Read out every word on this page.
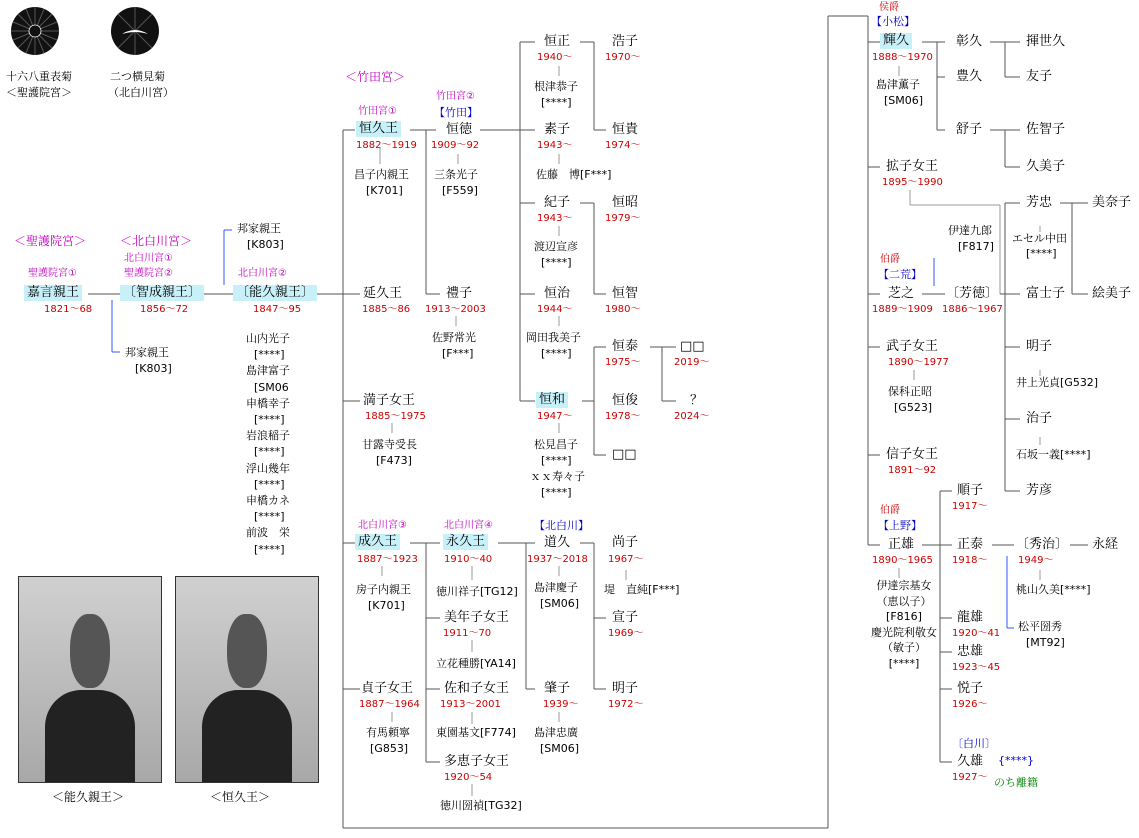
十六八重表菊
＜聖護院宮＞
二つ横見菊
（北白川宮）
＜聖護院宮＞	＜北白川宮＞
＜竹田宮＞
聖護院宮①
嘉言親王
1821～68
北白川宮①
聖護院宮②
〔智成親王〕
1856～72
邦家親王
[K803]
邦家親王
[K803]
北白川宮②
〔能久親王〕
1847～95
山内光子
[****]
島津富子
[SM06
申橋幸子
[****]
岩浪稲子
[****]
浮山幾年
[****]
申橋カネ
[****]
前波　栄
[****]
竹田宮①
恒久王
1882～1919
昌子内親王
[K701]
延久王
1885～86
満子女王
1885～1975
甘露寺受長
[F473]
北白川宮③
成久王
1887～1923
房子内親王
[K701]
貞子女王
1887～1964
有馬頼寧
[G853]
竹田宮②
【竹田】
恒徳
1909～92
三条光子
[F559]
禮子
1913～2003
佐野常光
[F***]
北白川宮④
永久王
1910～40
徳川祥子[TG12]
美年子女王
1911～70
立花種勝[YA14]
佐和子女王
1913～2001
東園基文[F774]
多恵子女王
1920～54
徳川圀禎[TG32]
恒正
1940～
根津恭子
[****]
素子
1943～
佐藤　博[F***]
紀子
1943～
渡辺宣彦
[****]
恒治
1944～
岡田我美子
[****]
恒和
1947～
松見昌子
[****]
ｘｘ寿々子
[****]
浩子
1970～
恒貴
1974～
恒昭
1979～
恒智
1980～
恒泰
1975～
恒俊
1978～
□□
□□
2019～
？
2024～
【北白川】
道久
1937～2018
島津慶子
[SM06]
肇子
1939～
島津忠廣
[SM06]
尚子
1967～
堤　直純[F***]
宣子
1969～
明子
1972～
侯爵
【小松】
輝久
1888～1970
島津薫子
[SM06]
彰久
豊久
舒子
揮世久
友子
佐智子
久美子
拡子女王
1895～1990
伊達九郎
[F817]
伯爵
【二荒】
芝之
1889～1909
〔芳徳〕
1886～1967
芳忠
エセル中田
[****]
美奈子
富士子 絵美子
明子
井上光貞[G532]
治子
石坂一義[****]
芳彦
武子女王
1890～1977
保科正昭
[G523]
信子女王
1891～92
伯爵
【上野】
正雄
1890～1965
伊達宗基女
（恵以子）
[F816]
慶光院利敬女
（敏子）
[****]
順子
1917～
正泰
1918～
〔秀治〕
1949～
桃山久美[****]
松平圀秀
[MT92]
永経
龍雄
1920～41
忠雄
1923～45
悦子
1926～
〔白川〕
久雄
1927～
{****}
のち離籍
＜能久親王＞	＜恒久王＞
